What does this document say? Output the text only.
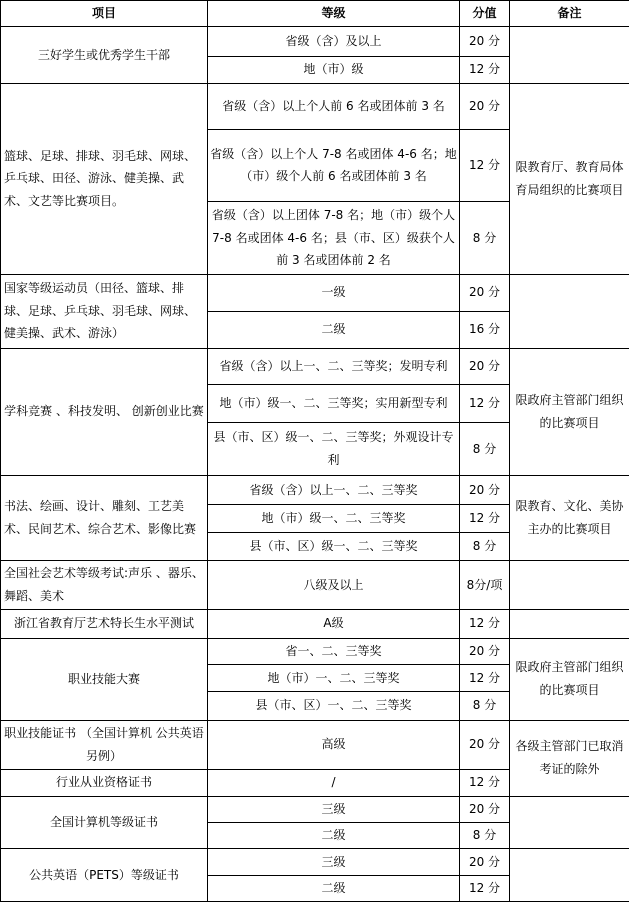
项目	等级	分值	备注
三好学生或优秀学生干部	省级（含）及以上	20 分	
	地（市）级	12 分	
篮球、足球、排球、羽毛球、网球、乒乓球、田径、游泳、健美操、武术、文艺等比赛项目。	省级（含）以上个人前 6 名或团体前 3 名	20 分	限教育厅、教育局体育局组织的比赛项目
	省级（含）以上个人 7-8 名或团体 4-6 名；地（市）级个人前 6 名或团体前 3 名	12 分	
	省级（含）以上团体 7-8 名；地（市）级个人 7-8 名或团体 4-6 名；县（市、区）级获个人前 3 名或团体前 2 名	8 分	
国家等级运动员（田径、篮球、排球、足球、乒乓球、羽毛球、网球、健美操、武术、游泳）	一级	20 分	
	二级	16 分	
学科竞赛 、科技发明、 创新创业比赛	省级（含）以上一、二、三等奖；发明专利	20 分	限政府主管部门组织的比赛项目
	地（市）级一、二、三等奖；实用新型专利	12 分	
	县（市、区）级一、二、三等奖；外观设计专利	8 分	
书法、绘画、设计、雕刻、工艺美术、民间艺术、综合艺术、影像比赛	省级（含）以上一、二、三等奖	20 分	限教育、文化、美协主办的比赛项目
	地（市）级一、二、三等奖	12 分	
	县（市、区）级一、二、三等奖	8 分	
全国社会艺术等级考试:声乐 、器乐、舞蹈、美术	八级及以上	8分/项	
浙江省教育厅艺术特长生水平测试	A级	12 分	
职业技能大赛	省一、二、三等奖	20 分	限政府主管部门组织的比赛项目
	地（市）一、二、三等奖	12 分	
	县（市、区）一、二、三等奖	8 分	
职业技能证书 （全国计算机 公共英语 另例）	高级	20 分	各级主管部门已取消考证的除外
行业从业资格证书	/	12 分	
全国计算机等级证书	三级	20 分	
	二级	8 分	
公共英语（PETS）等级证书	三级	20 分	
	二级	12 分	
